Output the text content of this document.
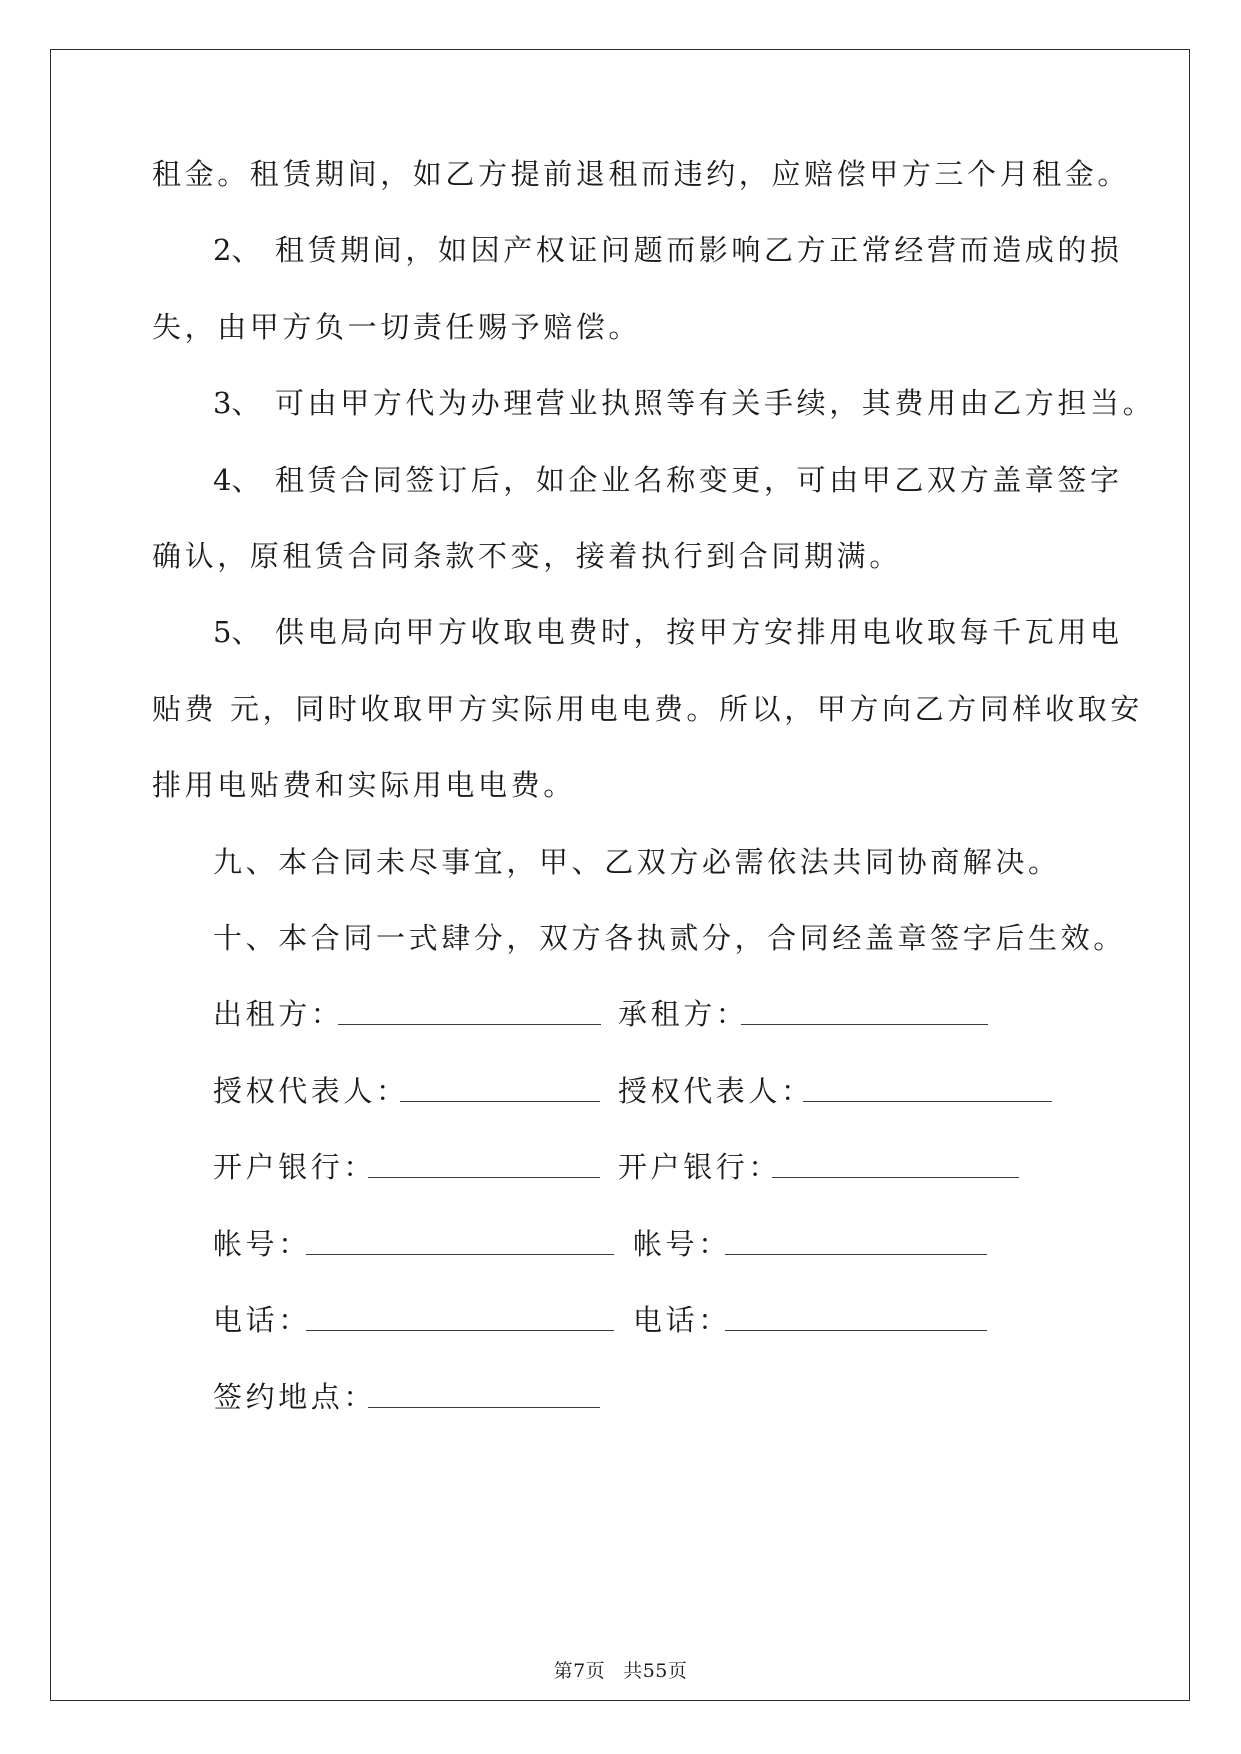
租金。租赁期间，如乙方提前退租而违约，应赔偿甲方三个月租金。
2、 租赁期间，如因产权证问题而影响乙方正常经营而造成的损
失，由甲方负一切责任赐予赔偿。
3、 可由甲方代为办理营业执照等有关手续，其费用由乙方担当。
4、 租赁合同签订后，如企业名称变更，可由甲乙双方盖章签字
确认，原租赁合同条款不变，接着执行到合同期满。
5、 供电局向甲方收取电费时，按甲方安排用电收取每千瓦用电
贴费 元，同时收取甲方实际用电电费。所以，甲方向乙方同样收取安
排用电贴费和实际用电电费。
九、本合同未尽事宜，甲、乙双方必需依法共同协商解决。
十、本合同一式肆分，双方各执贰分，合同经盖章签字后生效。
出租方：	承租方：
授权代表人：	授权代表人：
开户银行：	开户银行：
帐号：	帐号：
电话：	电话：
签约地点：
第7页 共55页
